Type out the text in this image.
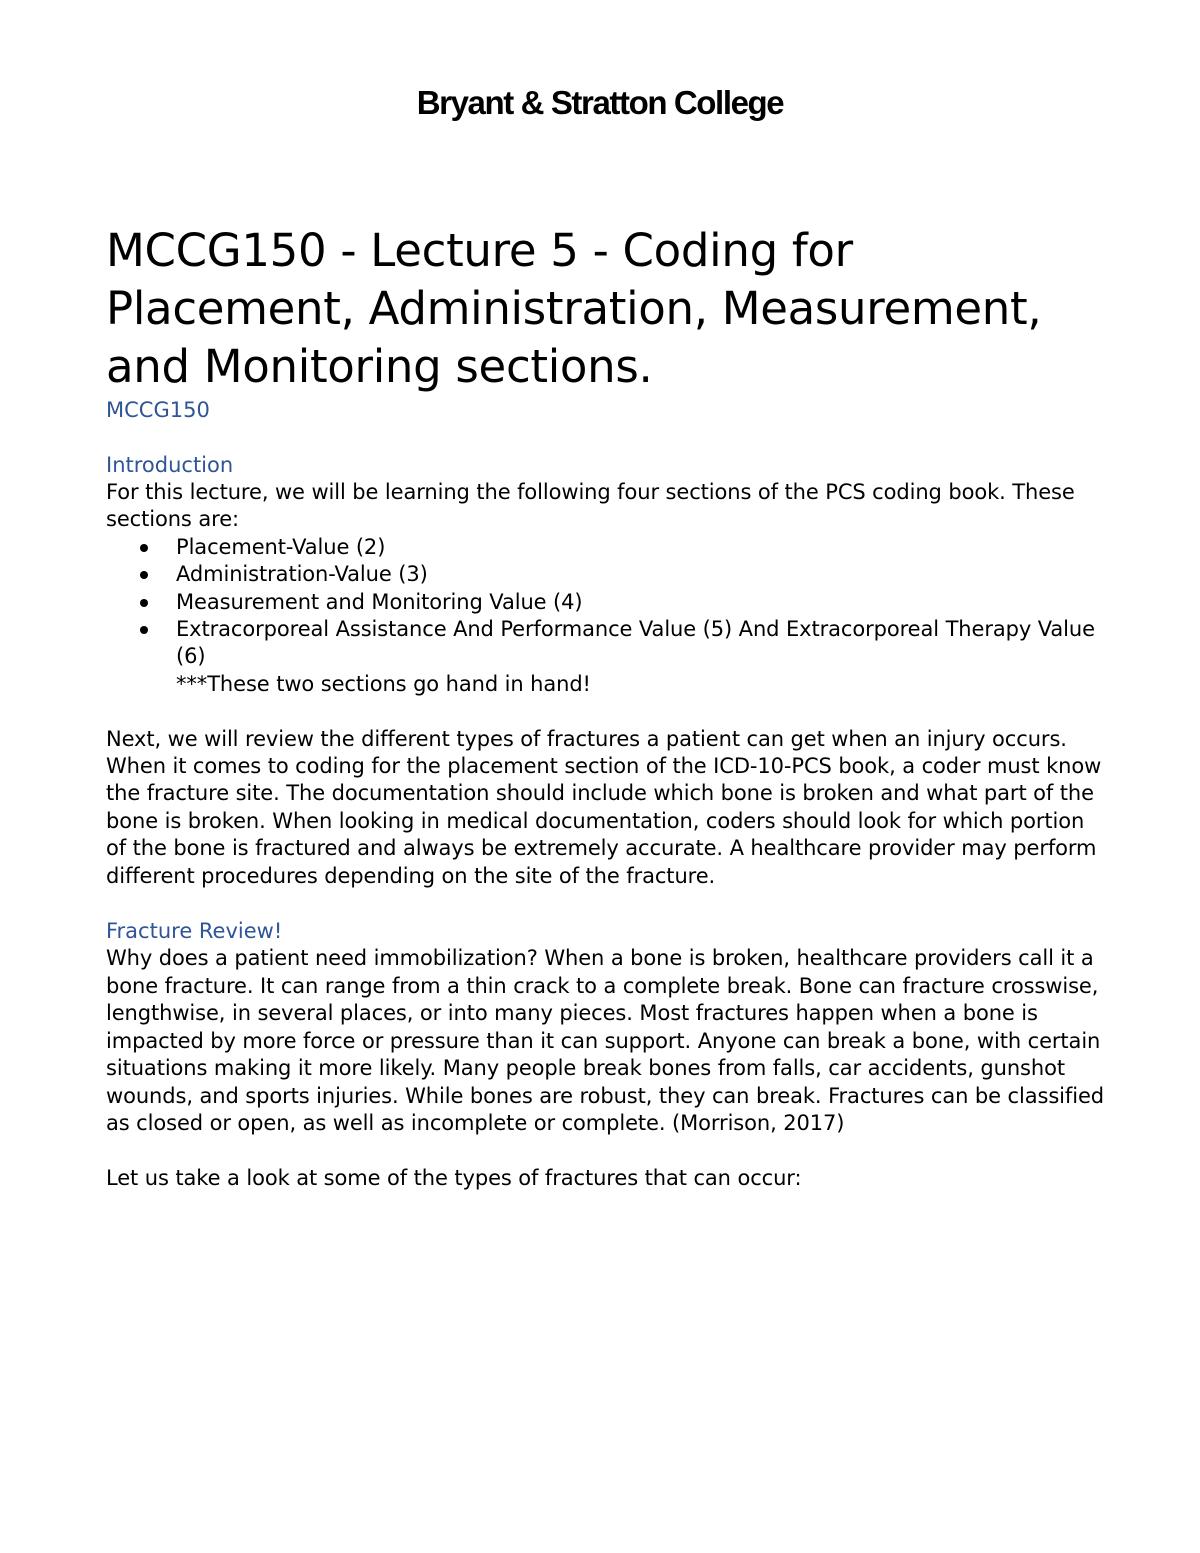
Bryant & Stratton College
MCCG150 - Lecture 5 - Coding for Placement, Administration, Measurement, and Monitoring sections.

MCCG150

Introduction

For this lecture, we will be learning the following four sections of the PCS coding book. These sections are:

Placement-Value (2)
Administration-Value (3)
Measurement and Monitoring Value (4)
Extracorporeal Assistance And Performance Value (5) And Extracorporeal Therapy Value (6)
***These two sections go hand in hand!

Next, we will review the different types of fractures a patient can get when an injury occurs. When it comes to coding for the placement section of the ICD-10-PCS book, a coder must know the fracture site. The documentation should include which bone is broken and what part of the bone is broken. When looking in medical documentation, coders should look for which portion of the bone is fractured and always be extremely accurate. A healthcare provider may perform different procedures depending on the site of the fracture.

Fracture Review!

Why does a patient need immobilization? When a bone is broken, healthcare providers call it a bone fracture. It can range from a thin crack to a complete break. Bone can fracture crosswise, lengthwise, in several places, or into many pieces. Most fractures happen when a bone is impacted by more force or pressure than it can support. Anyone can break a bone, with certain situations making it more likely. Many people break bones from falls, car accidents, gunshot wounds, and sports injuries. While bones are robust, they can break. Fractures can be classified as closed or open, as well as incomplete or complete. (Morrison, 2017)

Let us take a look at some of the types of fractures that can occur:
